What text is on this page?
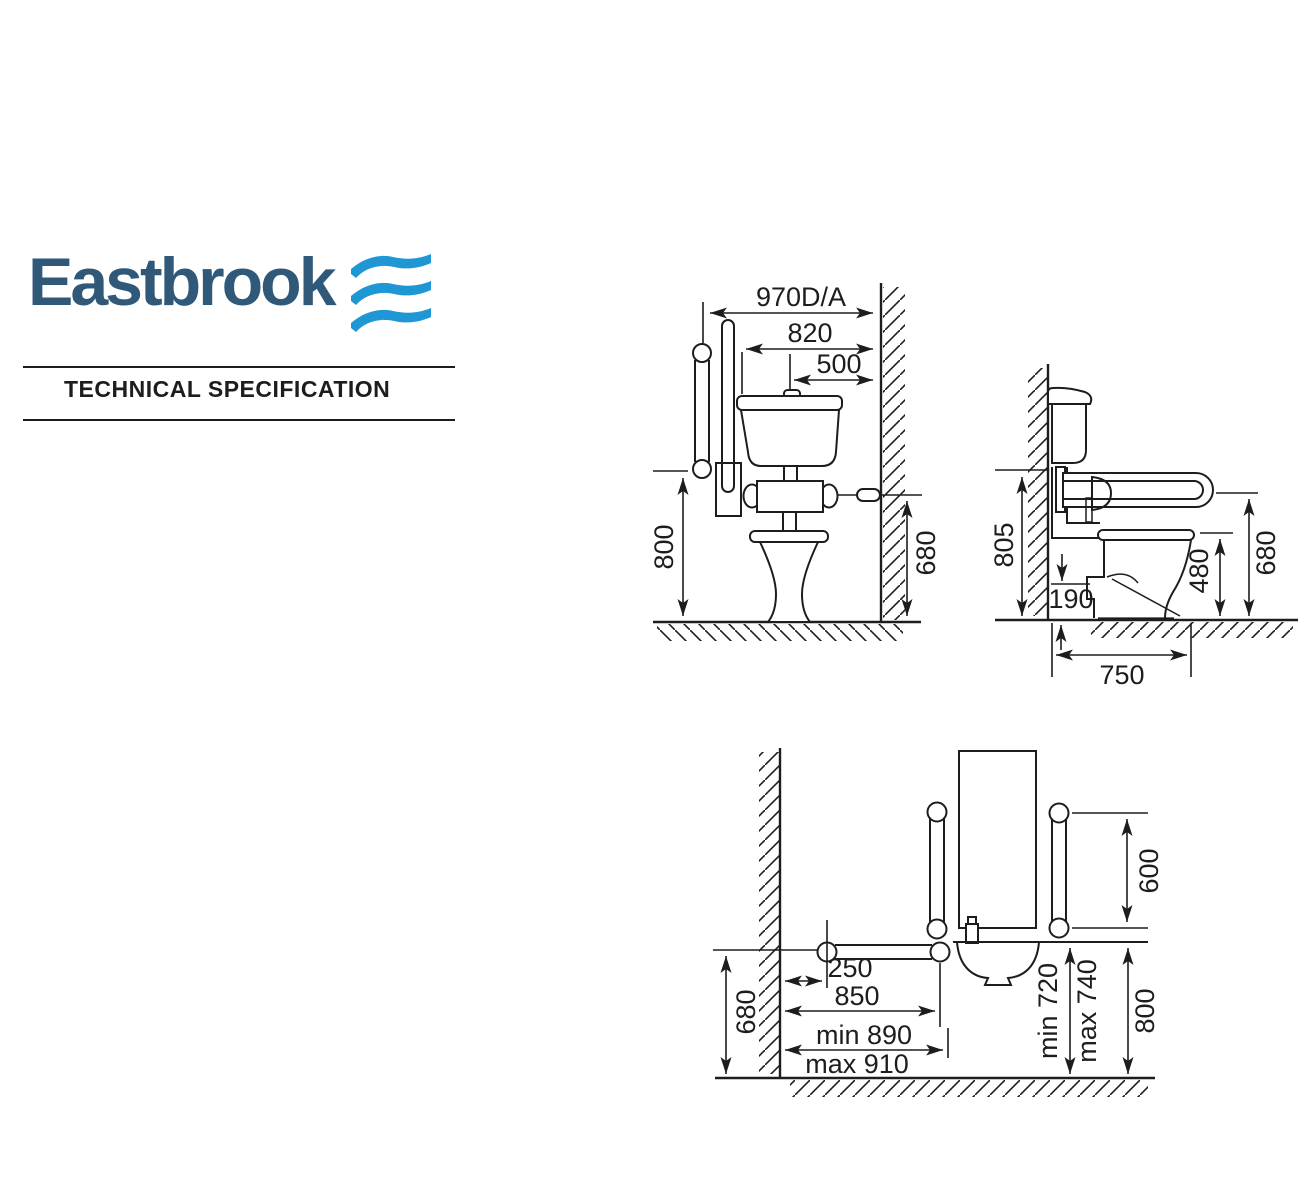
Eastbrook
TECHNICAL SPECIFICATION
970D/A
820
500
800	680 805
190
480 680
750
250
850
min 890
max 910
680	min 720 max 740 800
600
